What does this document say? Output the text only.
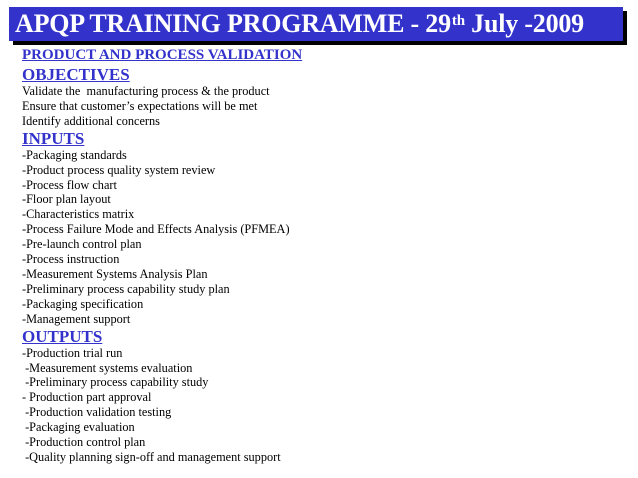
APQP TRAINING PROGRAMME - 29th July -2009
PRODUCT AND PROCESS VALIDATION
OBJECTIVES
Validate the  manufacturing process & the product
Ensure that customer’s expectations will be met
Identify additional concerns
INPUTS
-Packaging standards
-Product process quality system review
-Process flow chart
-Floor plan layout
-Characteristics matrix
-Process Failure Mode and Effects Analysis (PFMEA)
-Pre-launch control plan
-Process instruction
-Measurement Systems Analysis Plan
-Preliminary process capability study plan
-Packaging specification
-Management support
OUTPUTS
-Production trial run
-Measurement systems evaluation
-Preliminary process capability study
- Production part approval
-Production validation testing
-Packaging evaluation
-Production control plan
-Quality planning sign-off and management support
